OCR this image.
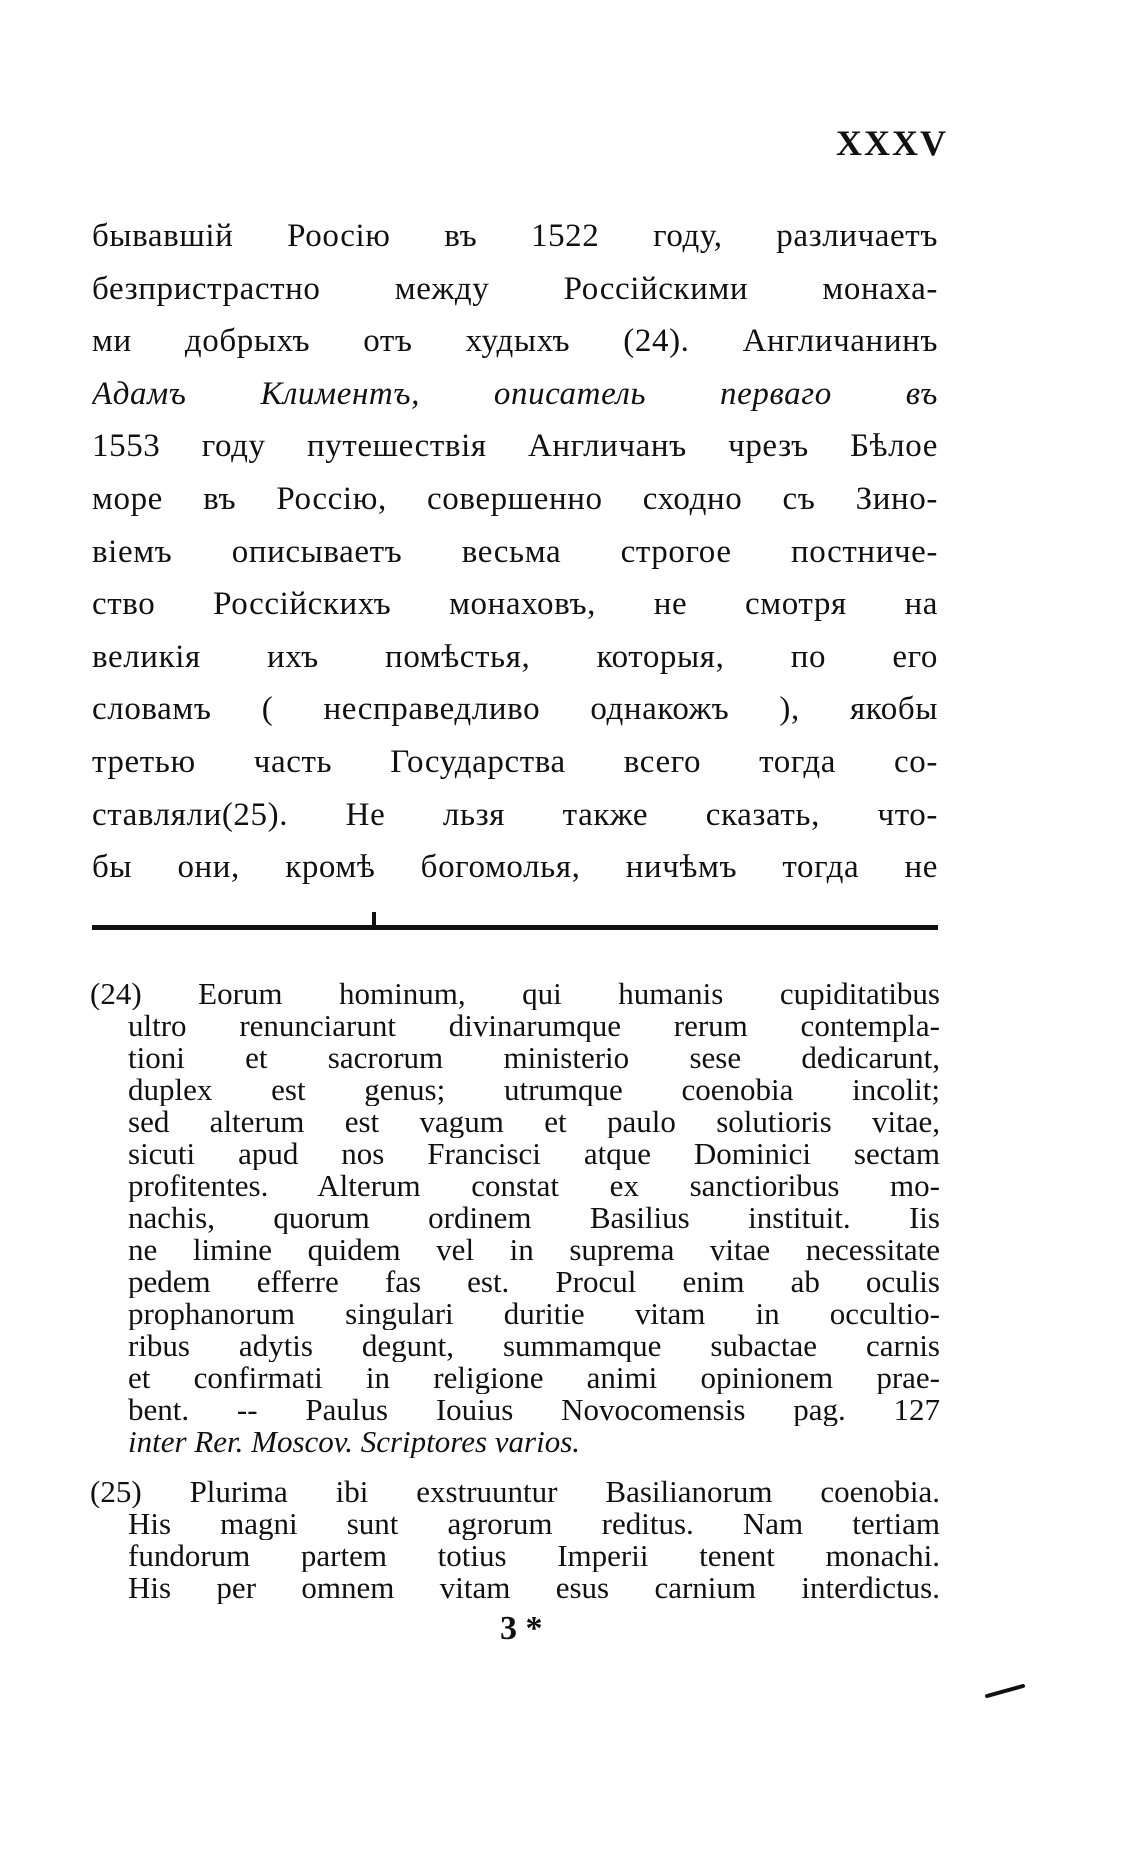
XXXV
бывавшій Роосію въ 1522 году, различаетъ
безпристрастно между Россійскими монаха-
ми добрыхъ отъ худыхъ (24). Англичанинъ
Адамъ Климентъ, описатель перваго въ
1553 году путешествія Англичанъ чрезъ Бѣлое
море въ Россію, совершенно сходно съ Зино-
віемъ описываетъ весьма строгое постниче-
ство Россійскихъ монаховъ, не смотря на
великія ихъ помѣстья, которыя, по его
словамъ ( несправедливо однакожъ ), якобы
третью часть Государства всего тогда со-
ставляли(25). Не льзя также сказать, что-
бы они, кромѣ богомолья, ничѣмъ тогда не
(24) Eorum hominum, qui humanis cupiditatibus
ultro renunciarunt divinarumque rerum contempla-
tioni et sacrorum ministerio sese dedicarunt,
duplex est genus; utrumque coenobia incolit;
sed alterum est vagum et paulo solutioris vitae,
sicuti apud nos Francisci atque Dominici sectam
profitentes. Alterum constat ex sanctioribus mo-
nachis, quorum ordinem Basilius instituit. Iis
ne limine quidem vel in suprema vitae necessitate
pedem efferre fas est. Procul enim ab oculis
prophanorum singulari duritie vitam in occultio-
ribus adytis degunt, summamque subactae carnis
et confirmati in religione animi opinionem prae-
bent. -- Paulus Iouius Novocomensis pag. 127
inter Rer. Moscov. Scriptores varios.
(25) Plurima ibi exstruuntur Basilianorum coenobia.
His magni sunt agrorum reditus. Nam tertiam
fundorum partem totius Imperii tenent monachi.
His per omnem vitam esus carnium interdictus.
3 *
